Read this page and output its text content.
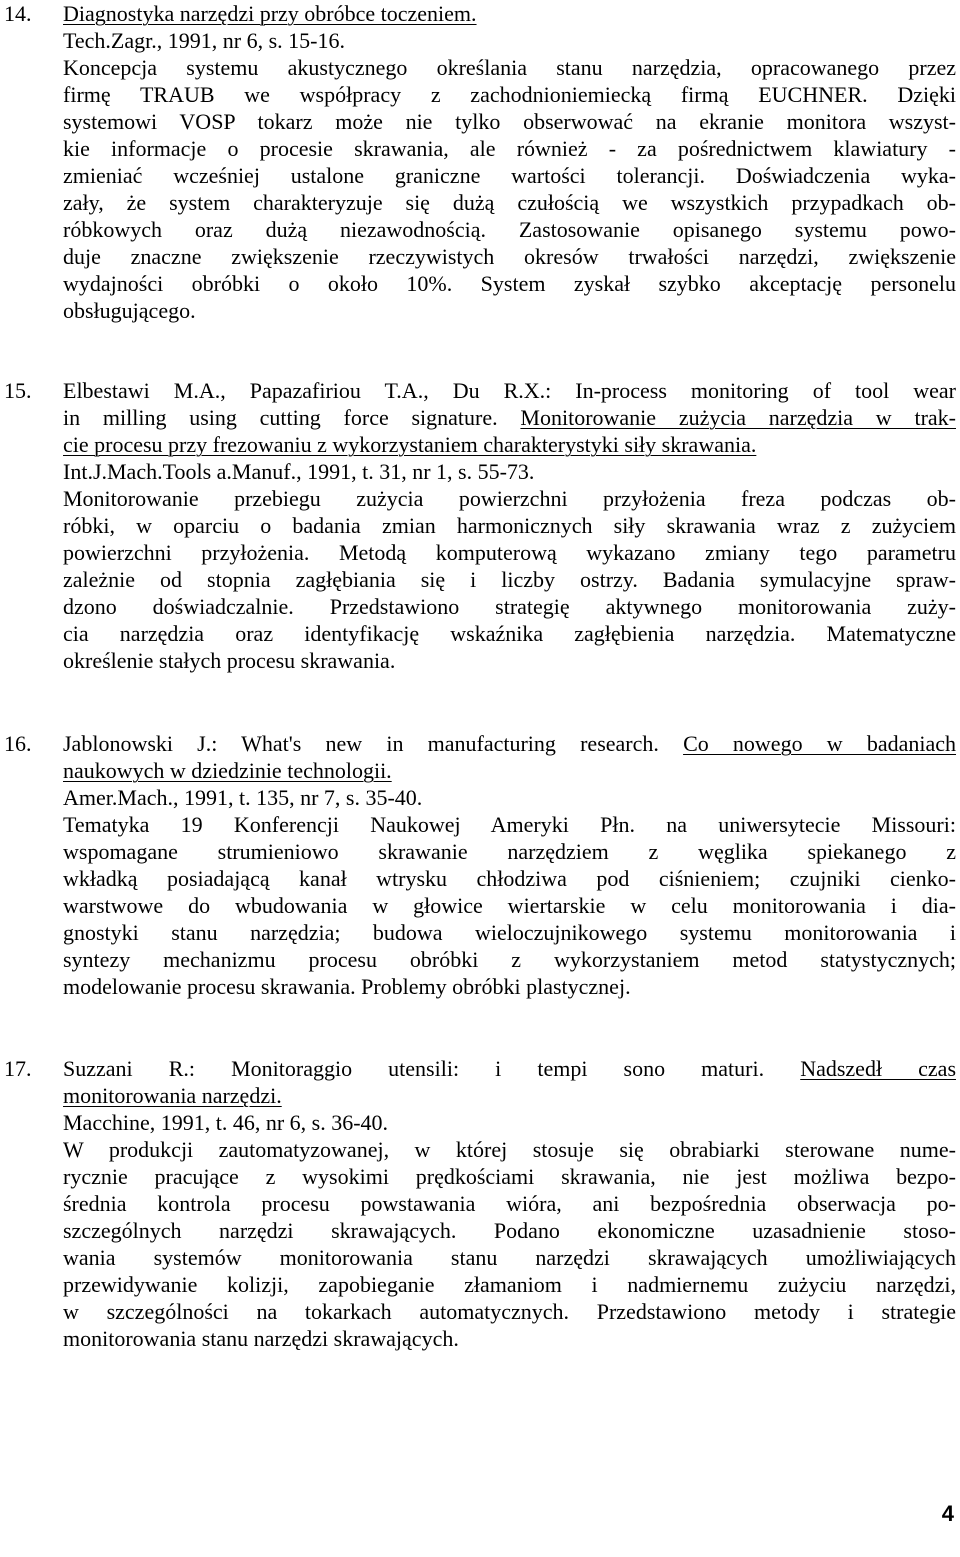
14. Diagnostyka narzędzi przy obróbce toczeniem.
Tech.Zagr., 1991, nr 6, s. 15-16.
Koncepcja systemu akustycznego określania stanu narzędzia, opracowanego przez
firmę TRAUB we współpracy z zachodnioniemiecką firmą EUCHNER. Dzięki
systemowi VOSP tokarz może nie tylko obserwować na ekranie monitora wszyst-
kie informacje o procesie skrawania, ale również - za pośrednictwem klawiatury -
zmieniać wcześniej ustalone graniczne wartości tolerancji. Doświadczenia wyka-
zały, że system charakteryzuje się dużą czułością we wszystkich przypadkach ob-
róbkowych oraz dużą niezawodnością. Zastosowanie opisanego systemu powo-
duje znaczne zwiększenie rzeczywistych okresów trwałości narzędzi, zwiększenie
wydajności obróbki o około 10%. System zyskał szybko akceptację personelu
obsługującego.
15. Elbestawi M.A., Papazafiriou T.A., Du R.X.: In-process monitoring of tool wear
in milling using cutting force signature. Monitorowanie zużycia narzędzia w trak-
cie procesu przy frezowaniu z wykorzystaniem charakterystyki siły skrawania.
Int.J.Mach.Tools a.Manuf., 1991, t. 31, nr 1, s. 55-73.
Monitorowanie przebiegu zużycia powierzchni przyłożenia freza podczas ob-
róbki, w oparciu o badania zmian harmonicznych siły skrawania wraz z zużyciem
powierzchni przyłożenia. Metodą komputerową wykazano zmiany tego parametru
zależnie od stopnia zagłębiania się i liczby ostrzy. Badania symulacyjne spraw-
dzono doświadczalnie. Przedstawiono strategię aktywnego monitorowania zuży-
cia narzędzia oraz identyfikację wskaźnika zagłębienia narzędzia. Matematyczne
określenie stałych procesu skrawania.
16. Jablonowski J.: What's new in manufacturing research. Co nowego w badaniach
naukowych w dziedzinie technologii.
Amer.Mach., 1991, t. 135, nr 7, s. 35-40.
Tematyka 19 Konferencji Naukowej Ameryki Płn. na uniwersytecie Missouri:
wspomagane strumieniowo skrawanie narzędziem z węglika spiekanego z
wkładką posiadającą kanał wtrysku chłodziwa pod ciśnieniem; czujniki cienko-
warstwowe do wbudowania w głowice wiertarskie w celu monitorowania i dia-
gnostyki stanu narzędzia; budowa wieloczujnikowego systemu monitorowania i
syntezy mechanizmu procesu obróbki z wykorzystaniem metod statystycznych;
modelowanie procesu skrawania. Problemy obróbki plastycznej.
17. Suzzani R.: Monitoraggio utensili: i tempi sono maturi. Nadszedł czas
monitorowania narzędzi.
Macchine, 1991, t. 46, nr 6, s. 36-40.
W produkcji zautomatyzowanej, w której stosuje się obrabiarki sterowane nume-
rycznie pracujące z wysokimi prędkościami skrawania, nie jest możliwa bezpo-
średnia kontrola procesu powstawania wióra, ani bezpośrednia obserwacja po-
szczególnych narzędzi skrawających. Podano ekonomiczne uzasadnienie stoso-
wania systemów monitorowania stanu narzędzi skrawających umożliwiających
przewidywanie kolizji, zapobieganie złamaniom i nadmiernemu zużyciu narzędzi,
w szczególności na tokarkach automatycznych. Przedstawiono metody i strategie
monitorowania stanu narzędzi skrawających.
4
